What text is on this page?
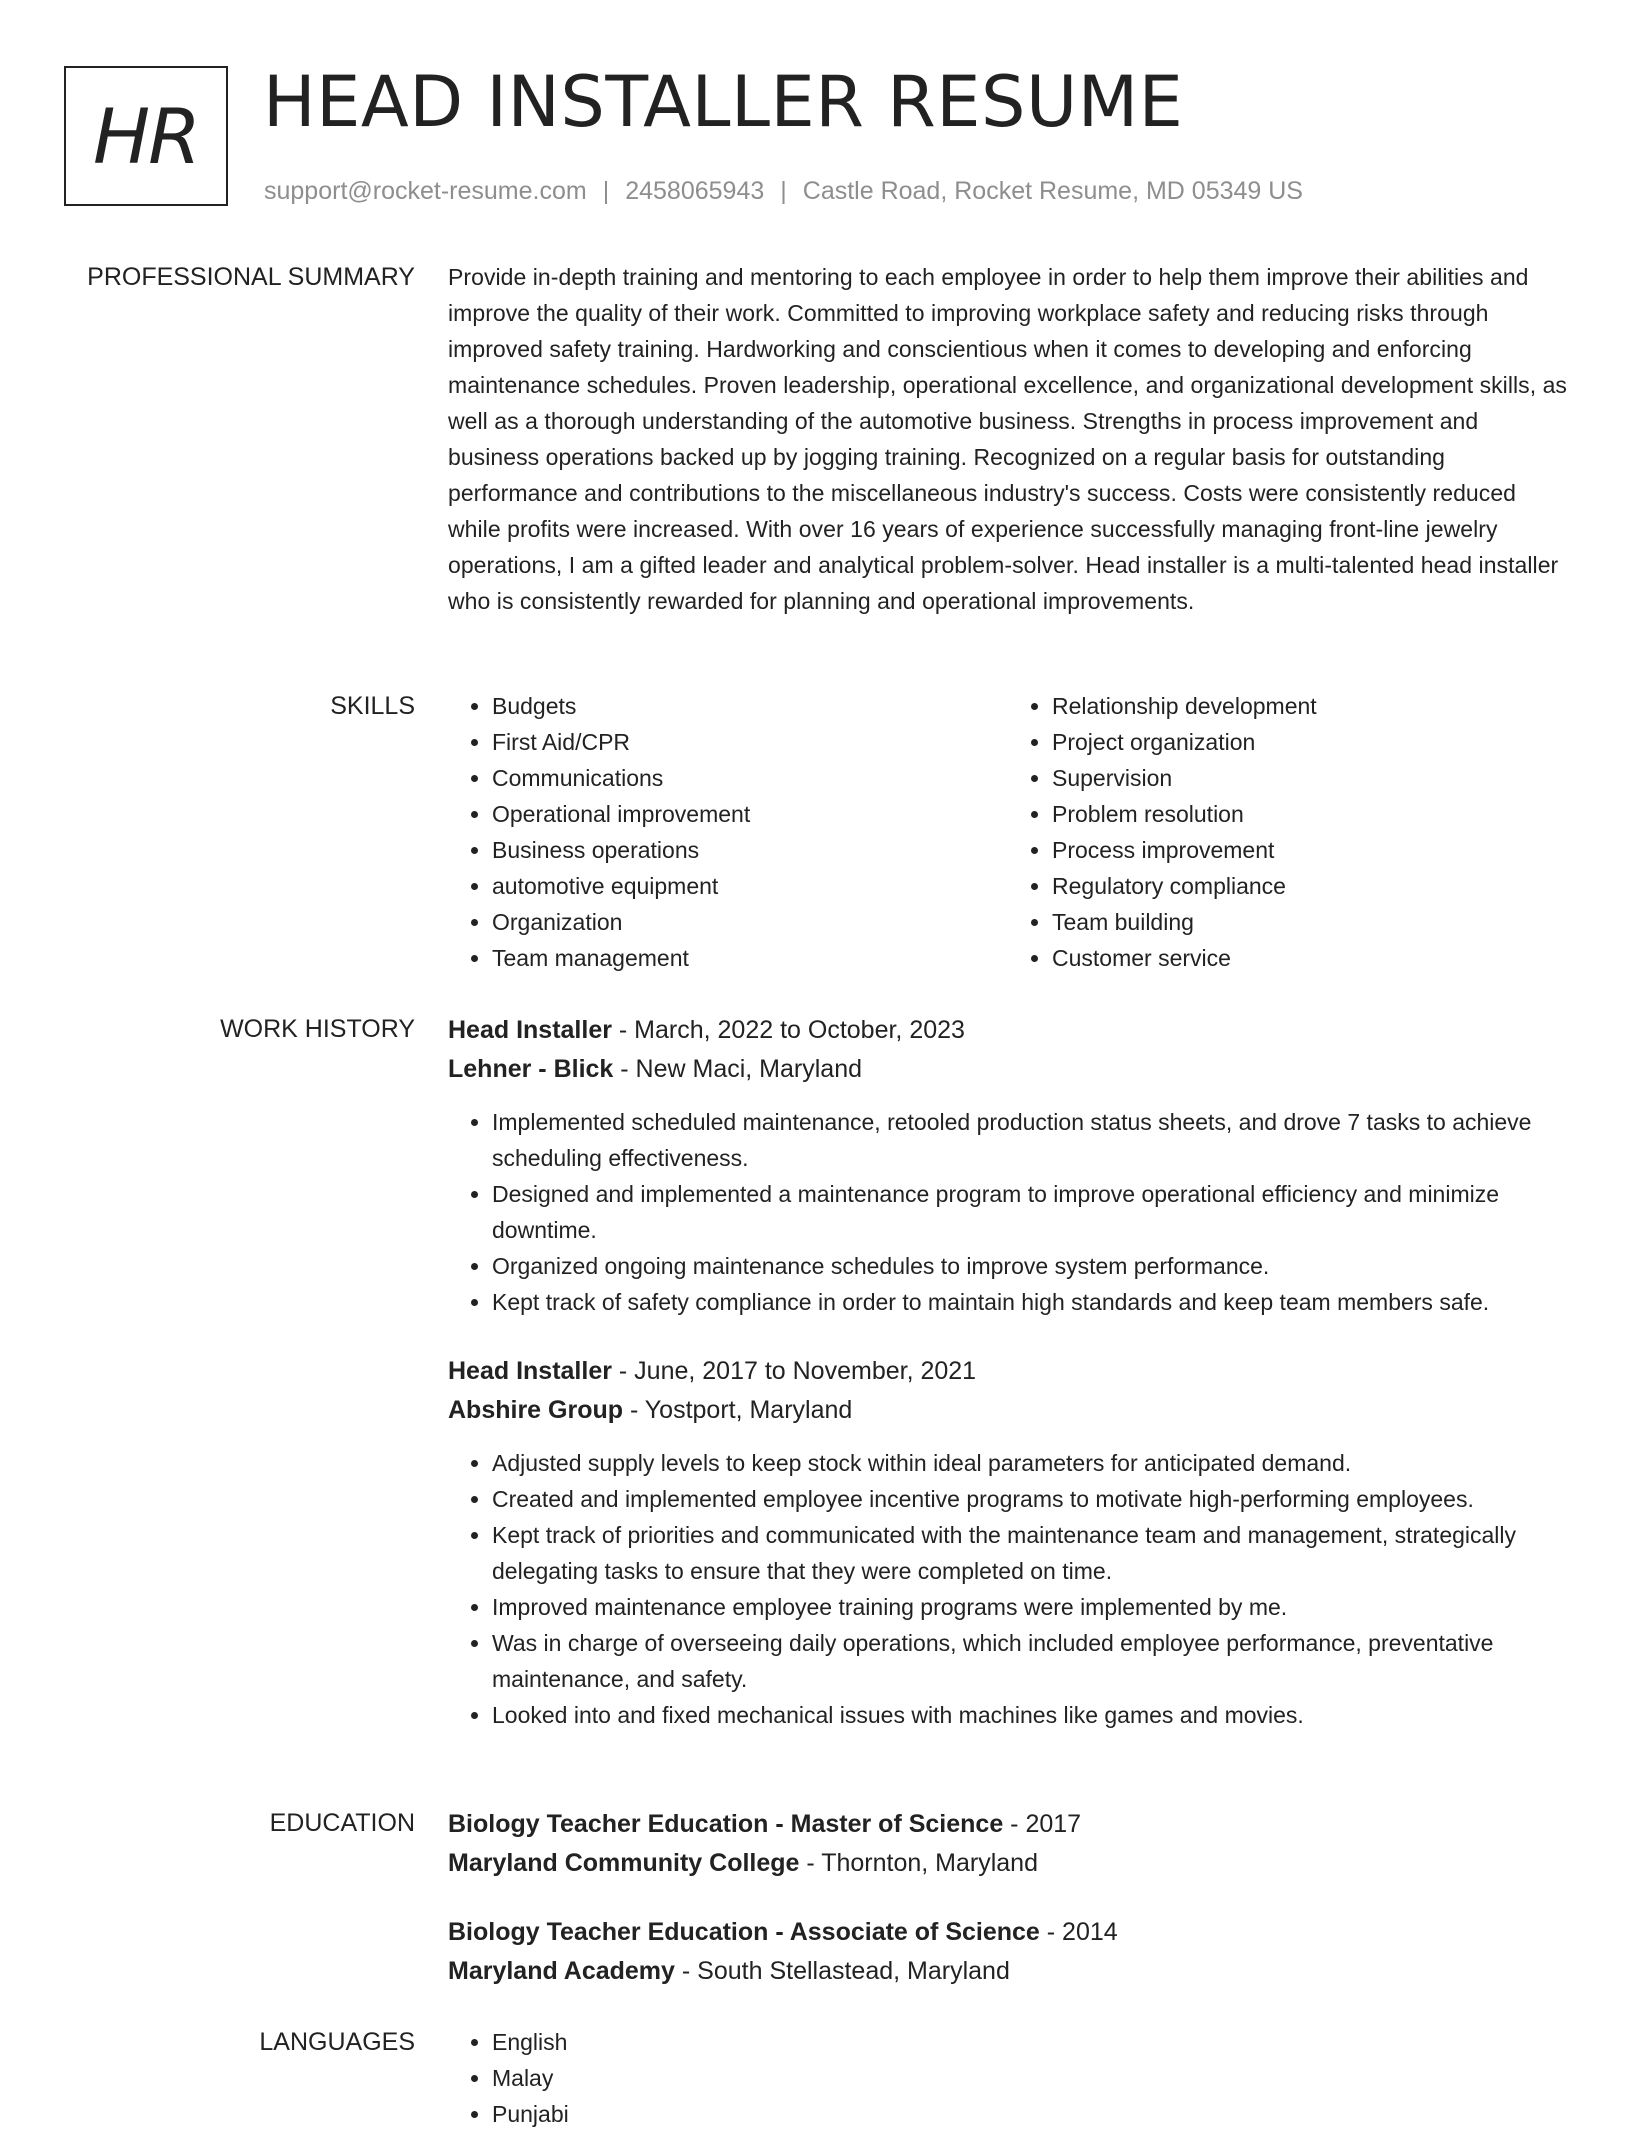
HR HEAD INSTALLER RESUME
support@rocket-resume.com | 2458065943 | Castle Road, Rocket Resume, MD 05349 US
PROFESSIONAL SUMMARY Provide in-depth training and mentoring to each employee in order to help them improve their abilities and improve the quality of their work. Committed to improving workplace safety and reducing risks through improved safety training. Hardworking and conscientious when it comes to developing and enforcing maintenance schedules. Proven leadership, operational excellence, and organizational development skills, as well as a thorough understanding of the automotive business. Strengths in process improvement and business operations backed up by jogging training. Recognized on a regular basis for outstanding performance and contributions to the miscellaneous industry's success. Costs were consistently reduced while profits were increased. With over 16 years of experience successfully managing front-line jewelry operations, I am a gifted leader and analytical problem-solver. Head installer is a multi-talented head installer who is consistently rewarded for planning and operational improvements.

SKILLS	• Budgets
• First Aid/CPR
• Communications
• Operational improvement
• Business operations
• automotive equipment
• Organization
• Team management
• Relationship development
• Project organization
• Supervision
• Problem resolution
• Process improvement
• Regulatory compliance
• Team building
• Customer service
WORK HISTORY Head Installer - March, 2022 to October, 2023
Lehner - Blick - New Maci, Maryland
• Implemented scheduled maintenance, retooled production status sheets, and drove 7 tasks to achieve scheduling effectiveness.
• Designed and implemented a maintenance program to improve operational efficiency and minimize downtime.
• Organized ongoing maintenance schedules to improve system performance.
• Kept track of safety compliance in order to maintain high standards and keep team members safe.
Head Installer - June, 2017 to November, 2021
Abshire Group - Yostport, Maryland
• Adjusted supply levels to keep stock within ideal parameters for anticipated demand.
• Created and implemented employee incentive programs to motivate high-performing employees.
• Kept track of priorities and communicated with the maintenance team and management, strategically delegating tasks to ensure that they were completed on time.
• Improved maintenance employee training programs were implemented by me.
• Was in charge of overseeing daily operations, which included employee performance, preventative maintenance, and safety.
• Looked into and fixed mechanical issues with machines like games and movies.
EDUCATION Biology Teacher Education - Master of Science - 2017
Maryland Community College - Thornton, Maryland
Biology Teacher Education - Associate of Science - 2014
Maryland Academy - South Stellastead, Maryland
LANGUAGES	• English
• Malay
• Punjabi
